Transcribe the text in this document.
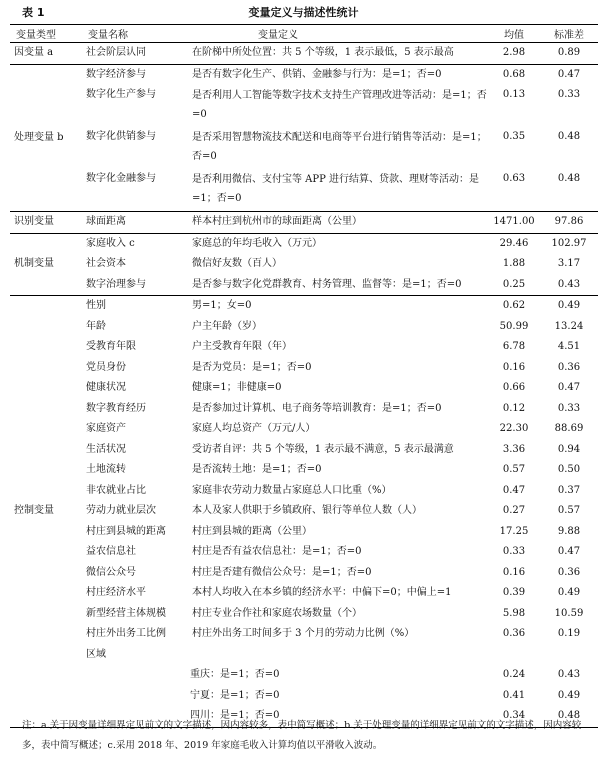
变量定义与描述性统计
表 1
变量类型	变量名称	变量定义	均值	标准差
因变量 a	社会阶层认同	在阶梯中所处位置：共 5 个等级，1 表示最低，5 表示最高	2.98	0.89
处理变量 b	数字经济参与	是否有数字化生产、供销、金融参与行为：是=1；否=0	0.68	0.47
	数字化生产参与	是否利用人工智能等数字技术支持生产管理改进等活动：是=1；否=0	0.13	0.33
	数字化供销参与	是否采用智慧物流技术配送和电商等平台进行销售等活动：是=1；否=0	0.35	0.48
	数字化金融参与	是否利用微信、支付宝等 APP 进行结算、贷款、理财等活动：是=1；否=0	0.63	0.48
识别变量	球面距离	样本村庄到杭州市的球面距离（公里）	1471.00	97.86
机制变量	家庭收入 c	家庭总的年均毛收入（万元）	29.46	102.97
	社会资本	微信好友数（百人）	1.88	3.17
	数字治理参与	是否参与数字化党群教育、村务管理、监督等：是=1；否=0	0.25	0.43
控制变量	性别	男=1；女=0	0.62	0.49
	年龄	户主年龄（岁）	50.99	13.24
	受教育年限	户主受教育年限（年）	6.78	4.51
	党员身份	是否为党员：是=1；否=0	0.16	0.36
	健康状况	健康=1；非健康=0	0.66	0.47
	数字教育经历	是否参加过计算机、电子商务等培训教育：是=1；否=0	0.12	0.33
	家庭资产	家庭人均总资产（万元/人）	22.30	88.69
	生活状况	受访者自评：共 5 个等级，1 表示最不满意，5 表示最满意	3.36	0.94
	土地流转	是否流转土地：是=1；否=0	0.57	0.50
	非农就业占比	家庭非农劳动力数量占家庭总人口比重（%）	0.47	0.37
	劳动力就业层次	本人及家人供职于乡镇政府、银行等单位人数（人）	0.27	0.57
	村庄到县城的距离	村庄到县城的距离（公里）	17.25	9.88
	益农信息社	村庄是否有益农信息社：是=1；否=0	0.33	0.47
	微信公众号	村庄是否建有微信公众号：是=1；否=0	0.16	0.36
	村庄经济水平	本村人均收入在本乡镇的经济水平：中偏下=0；中偏上=1	0.39	0.49
	新型经营主体规模	村庄专业合作社和家庭农场数量（个）	5.98	10.59
	村庄外出务工比例	村庄外出务工时间多于 3 个月的劳动力比例（%）	0.36	0.19
	区域			
		重庆：是=1；否=0	0.24	0.43
		宁夏：是=1；否=0	0.41	0.49
		四川：是=1；否=0	0.34	0.48
注：a.关于因变量详细界定见前文的文字描述，因内容较多，表中简写概述；b.关于处理变量的详细界定见前文的文字描述，因内容较多，表中简写概述；c.采用 2018 年、2019 年家庭毛收入计算均值以平滑收入波动。
